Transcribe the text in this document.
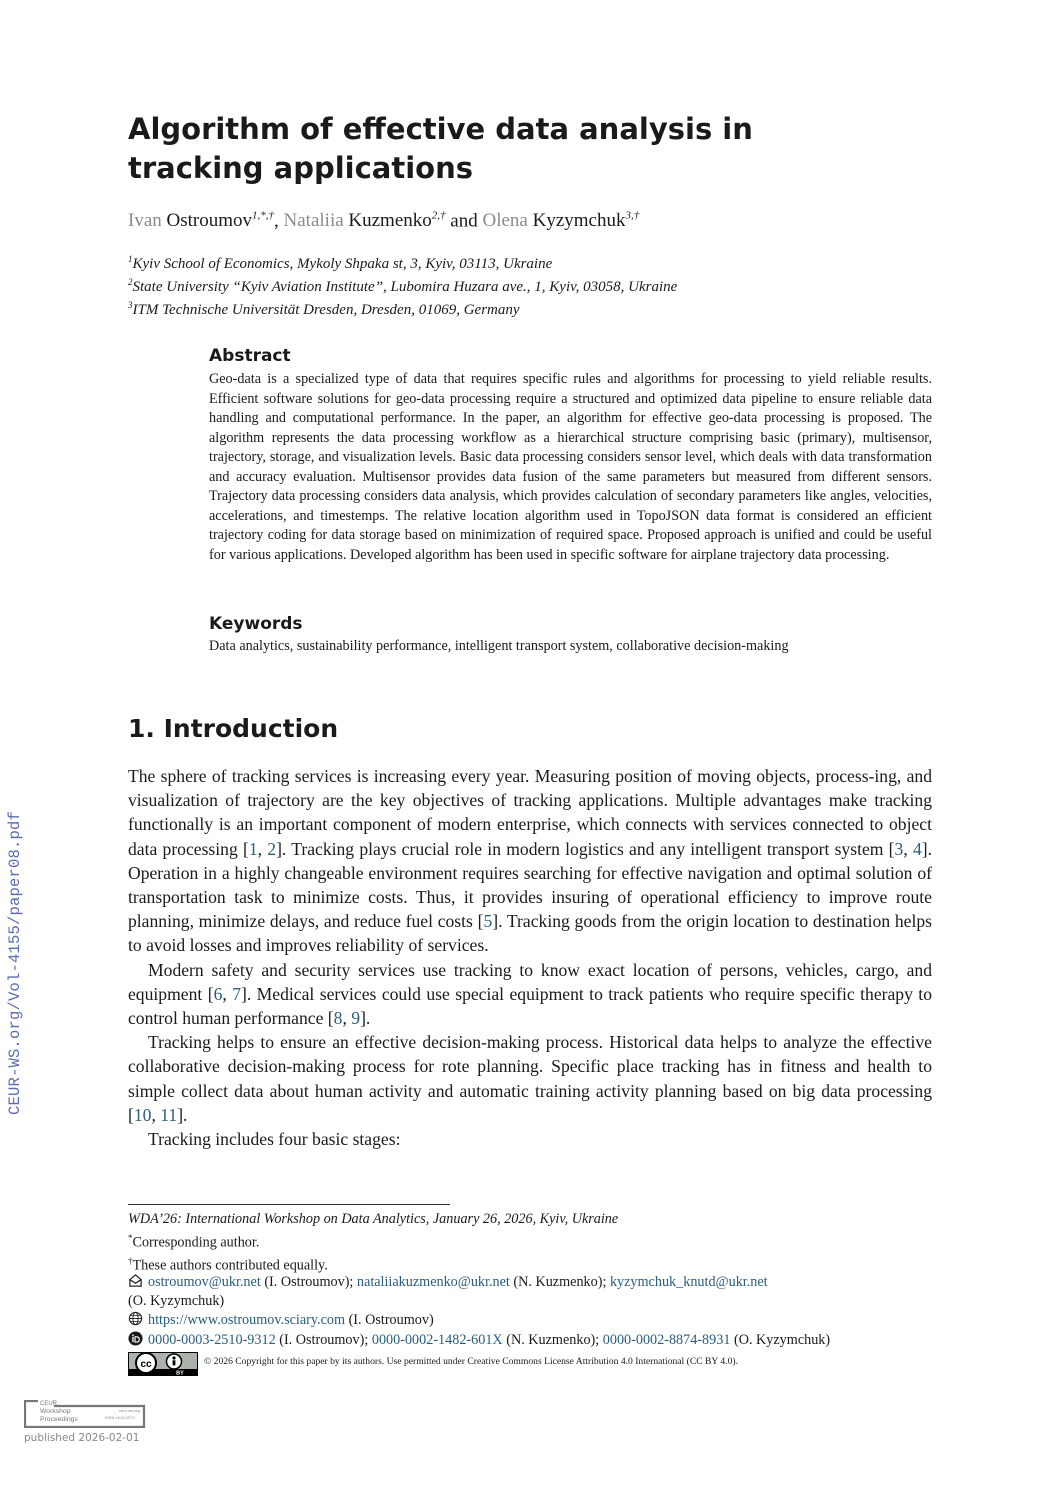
Algorithm of effective data analysis in tracking applications
Ivan Ostroumov$^{1,*,\dagger}$, Nataliia Kuzmenko$^{2,\dagger}$ and Olena Kyzymchuk$^{3,\dagger}$
$^1$Kyiv School of Economics, Mykoly Shpaka st, 3, Kyiv, 03113, Ukraine
$^2$State University “Kyiv Aviation Institute”, Lubomira Huzara ave., 1, Kyiv, 03058, Ukraine
$^3$ITM Technische Universität Dresden, Dresden, 01069, Germany
Abstract

Geo-data is a specialized type of data that requires specific rules and algorithms for processing to yield reliable results. Efficient software solutions for geo-data processing require a structured and optimized data pipeline to ensure reliable data handling and computational performance. In the paper, an algorithm for effective geo-data processing is proposed. The algorithm represents the data processing workflow as a hierarchical structure comprising basic (primary), multisensor, trajectory, storage, and visualization levels. Basic data processing considers sensor level, which deals with data transformation and accuracy evaluation. Multisensor provides data fusion of the same parameters but measured from different sensors. Trajectory data processing considers data analysis, which provides calculation of secondary parameters like angles, velocities, accelerations, and timestemps. The relative location algorithm used in TopoJSON data format is considered an efficient trajectory coding for data storage based on minimization of required space. Proposed approach is unified and could be useful for various applications. Developed algorithm has been used in specific software for airplane trajectory data processing.

Keywords

Data analytics, sustainability performance, intelligent transport system, collaborative decision-making

1. Introduction

The sphere of tracking services is increasing every year. Measuring position of moving objects, process-ing, and visualization of trajectory are the key objectives of tracking applications. Multiple advantages make tracking functionally is an important component of modern enterprise, which connects with services connected to object data processing [1, 2]. Tracking plays crucial role in modern logistics and any intelligent transport system [3, 4]. Operation in a highly changeable environment requires searching for effective navigation and optimal solution of transportation task to minimize costs. Thus, it provides insuring of operational efficiency to improve route planning, minimize delays, and reduce fuel costs [5]. Tracking goods from the origin location to destination helps to avoid losses and improves reliability of services.

Modern safety and security services use tracking to know exact location of persons, vehicles, cargo, and equipment [6, 7]. Medical services could use special equipment to track patients who require specific therapy to control human performance [8, 9].

Tracking helps to ensure an effective decision-making process. Historical data helps to analyze the effective collaborative decision-making process for rote planning. Specific place tracking has in fitness and health to simple collect data about human activity and automatic training activity planning based on big data processing [10, 11].

Tracking includes four basic stages:

CEUR-WS.org/Vol-4155/paper08.pdf
WDA’26: International Workshop on Data Analytics, January 26, 2026, Kyiv, Ukraine
*Corresponding author.
†These authors contributed equally.
ostroumov@ukr.net (I. Ostroumov); nataliiakuzmenko@ukr.net (N. Kuzmenko); kyzymchuk_knutd@ukr.net
(O. Kyzymchuk)
https://www.ostroumov.sciary.com (I. Ostroumov)
0000-0003-2510-9312 (I. Ostroumov); 0000-0002-1482-601X (N. Kuzmenko); 0000-0002-8874-8931 (O. Kyzymchuk)
cc
BY
© 2026 Copyright for this paper by its authors. Use permitted under Creative Commons License Attribution 4.0 International (CC BY 4.0).
CEUR
Workshop
Proceedings
ceur-ws.org
ISSN 1613-0073
published 2026-02-01
